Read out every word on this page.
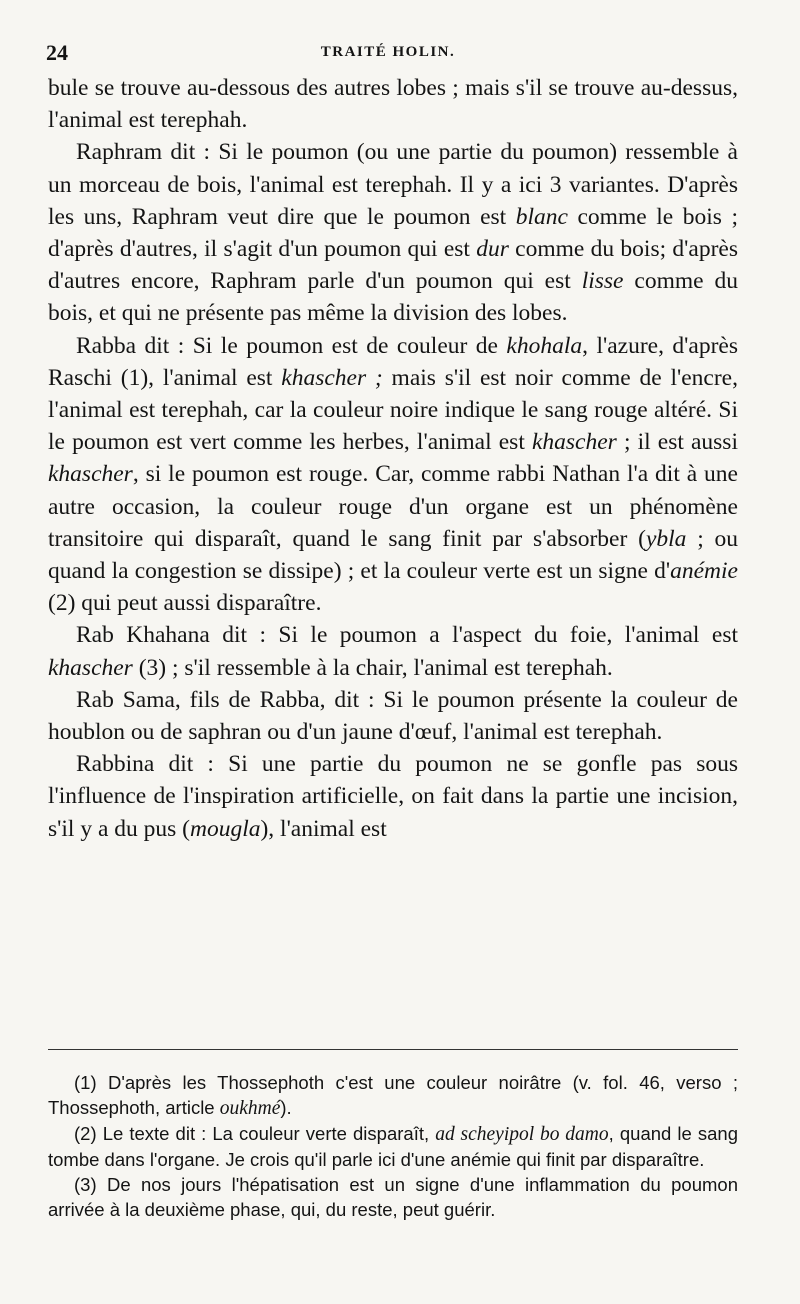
24	TRAITÉ HOLIN.

bule se trouve au-dessous des autres lobes ; mais s'il se trouve au-dessus, l'animal est terephah.

Raphram dit : Si le poumon (ou une partie du poumon) ressemble à un morceau de bois, l'animal est terephah. Il y a ici 3 variantes. D'après les uns, Raphram veut dire que le poumon est blanc comme le bois ; d'après d'autres, il s'agit d'un poumon qui est dur comme du bois; d'après d'autres encore, Raphram parle d'un poumon qui est lisse comme du bois, et qui ne présente pas même la division des lobes.

Rabba dit : Si le poumon est de couleur de khohala, l'azure, d'après Raschi (1), l'animal est khascher ; mais s'il est noir comme de l'encre, l'animal est terephah, car la couleur noire indique le sang rouge altéré. Si le poumon est vert comme les herbes, l'animal est khascher ; il est aussi khascher, si le poumon est rouge. Car, comme rabbi Nathan l'a dit à une autre occasion, la couleur rouge d'un organe est un phénomène transitoire qui disparaît, quand le sang finit par s'absorber (ybla ; ou quand la congestion se dissipe) ; et la couleur verte est un signe d'anémie (2) qui peut aussi disparaître.

Rab Khahana dit : Si le poumon a l'aspect du foie, l'animal est khascher (3) ; s'il ressemble à la chair, l'animal est terephah.

Rab Sama, fils de Rabba, dit : Si le poumon présente la couleur de houblon ou de saphran ou d'un jaune d'œuf, l'animal est terephah.

Rabbina dit : Si une partie du poumon ne se gonfle pas sous l'influence de l'inspiration artificielle, on fait dans la partie une incision, s'il y a du pus (mougla), l'animal est

(1) D'après les Thossephoth c'est une couleur noirâtre (v. fol. 46, verso ; Thossephoth, article oukhmé).

(2) Le texte dit : La couleur verte disparaît, ad scheyipol bo damo, quand le sang tombe dans l'organe. Je crois qu'il parle ici d'une anémie qui finit par disparaître.

(3) De nos jours l'hépatisation est un signe d'une inflammation du poumon arrivée à la deuxième phase, qui, du reste, peut guérir.
